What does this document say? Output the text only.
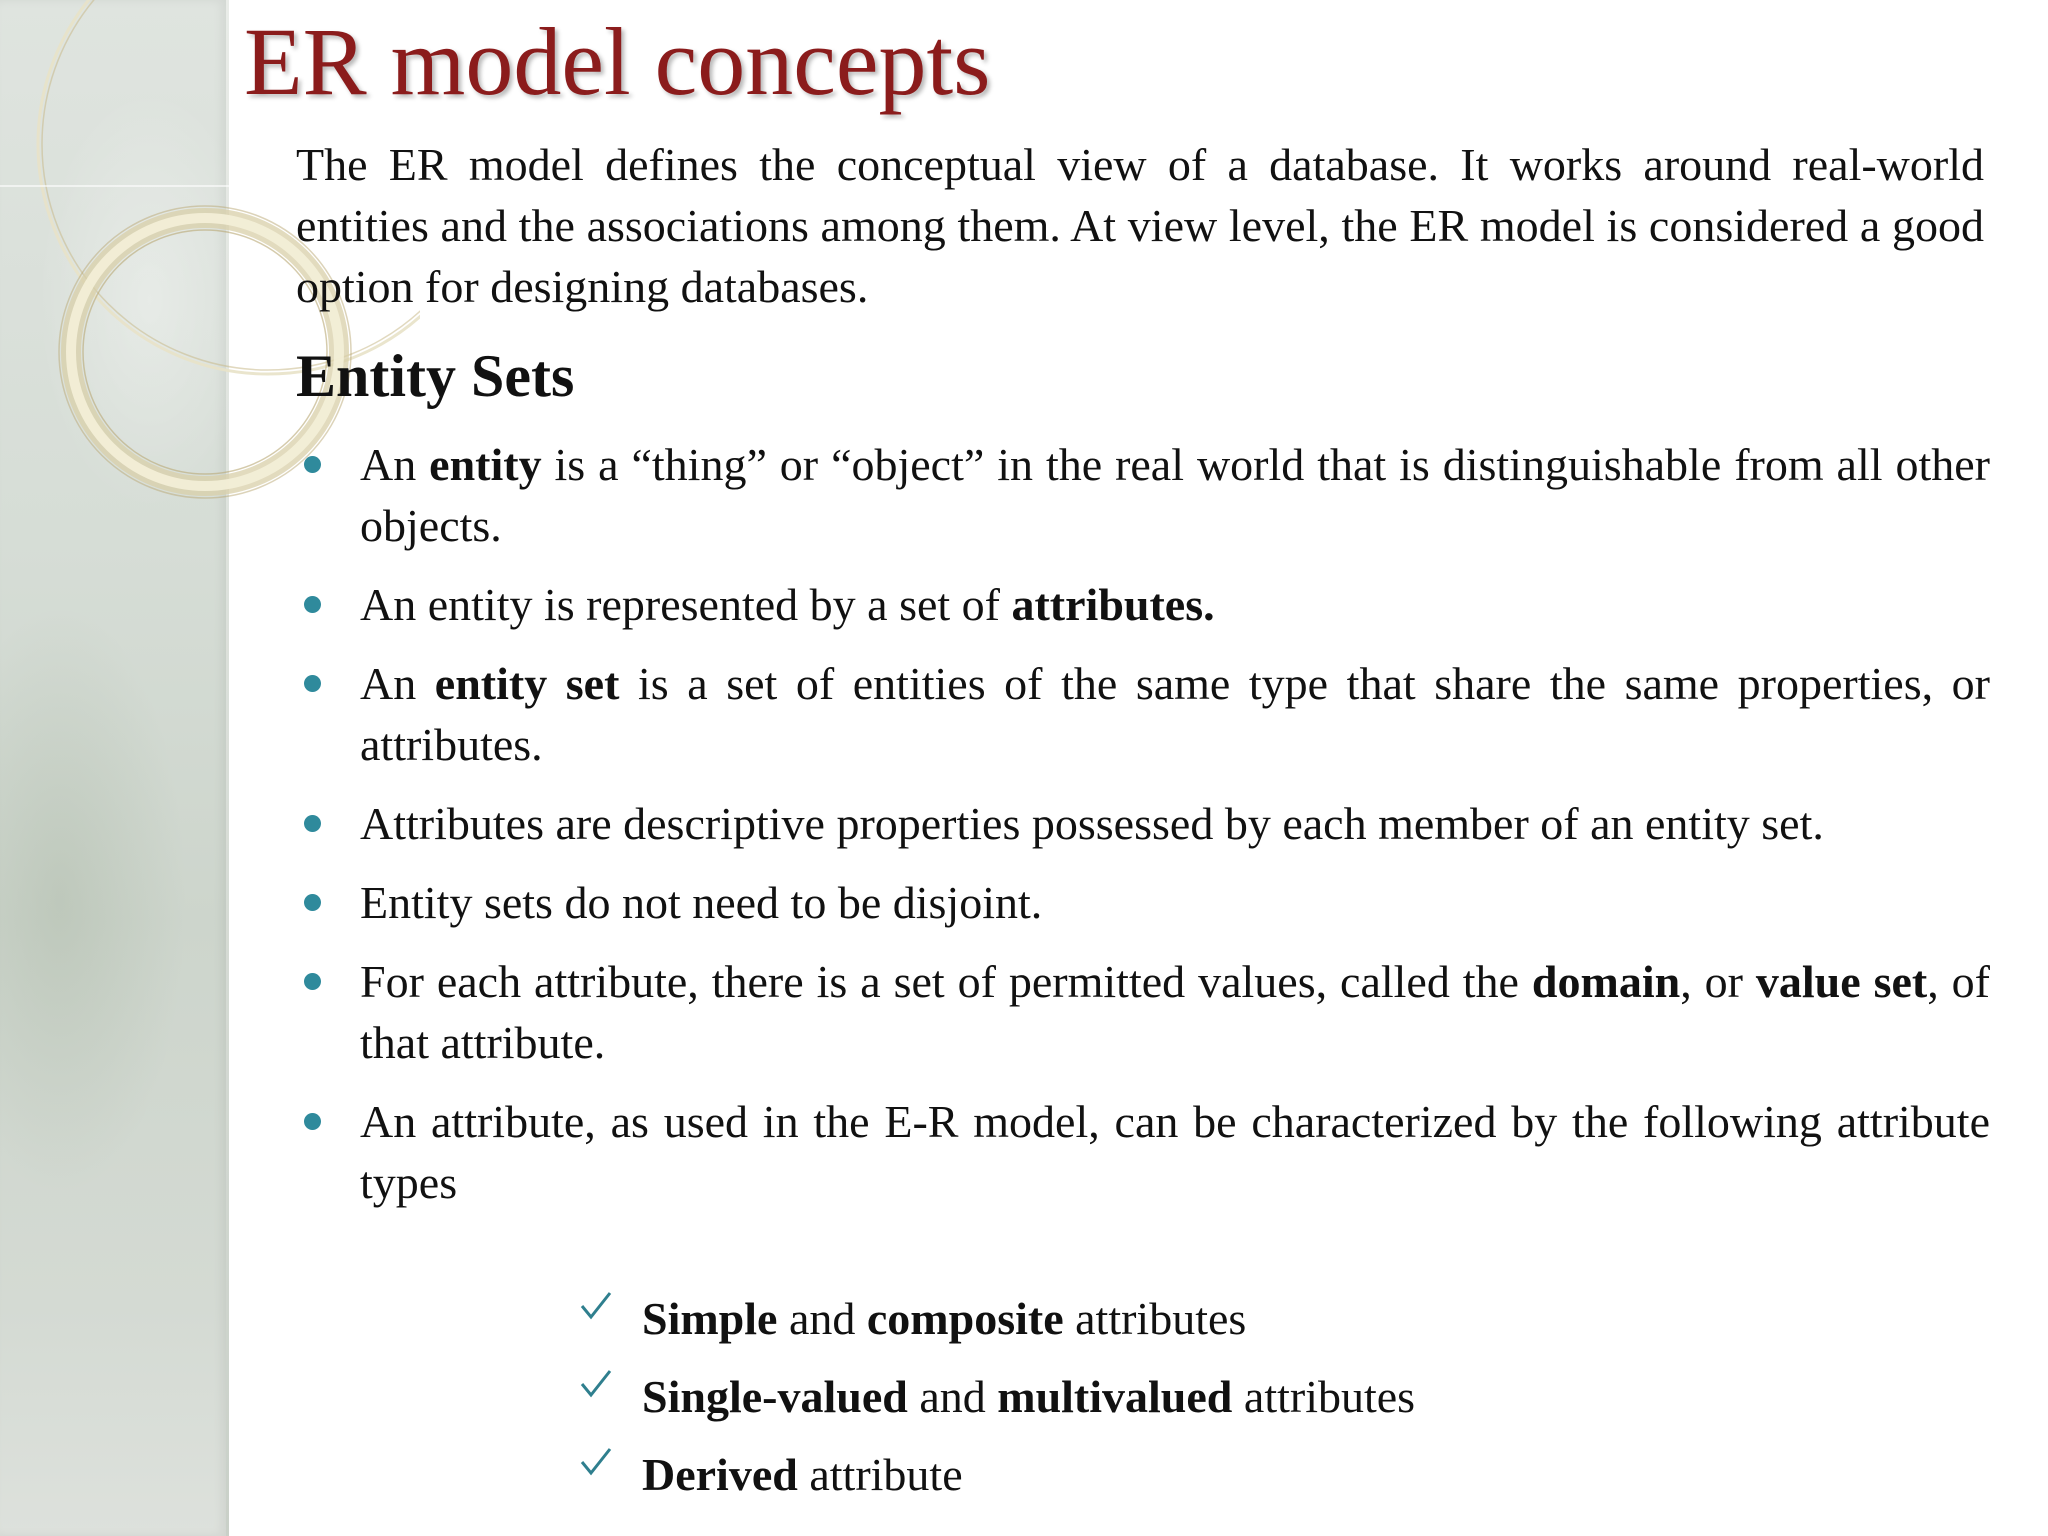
ER model concepts

The ER model defines the conceptual view of a database. It works around real-world entities and the associations among them. At view level, the ER model is considered a good option for designing databases.

Entity Sets
An entity is a “thing” or “object” in the real world that is distinguishable from all other objects.
An entity is represented by a set of attributes.
An entity set is a set of entities of the same type that share the same properties, or attributes.
Attributes are descriptive properties possessed by each member of an entity set.
Entity sets do not need to be disjoint.
For each attribute, there is a set of permitted values, called the domain, or value set, of that attribute.
An attribute, as used in the E-R model, can be characterized by the following attribute types
Simple and composite attributes
Single-valued and multivalued attributes
Derived attribute
